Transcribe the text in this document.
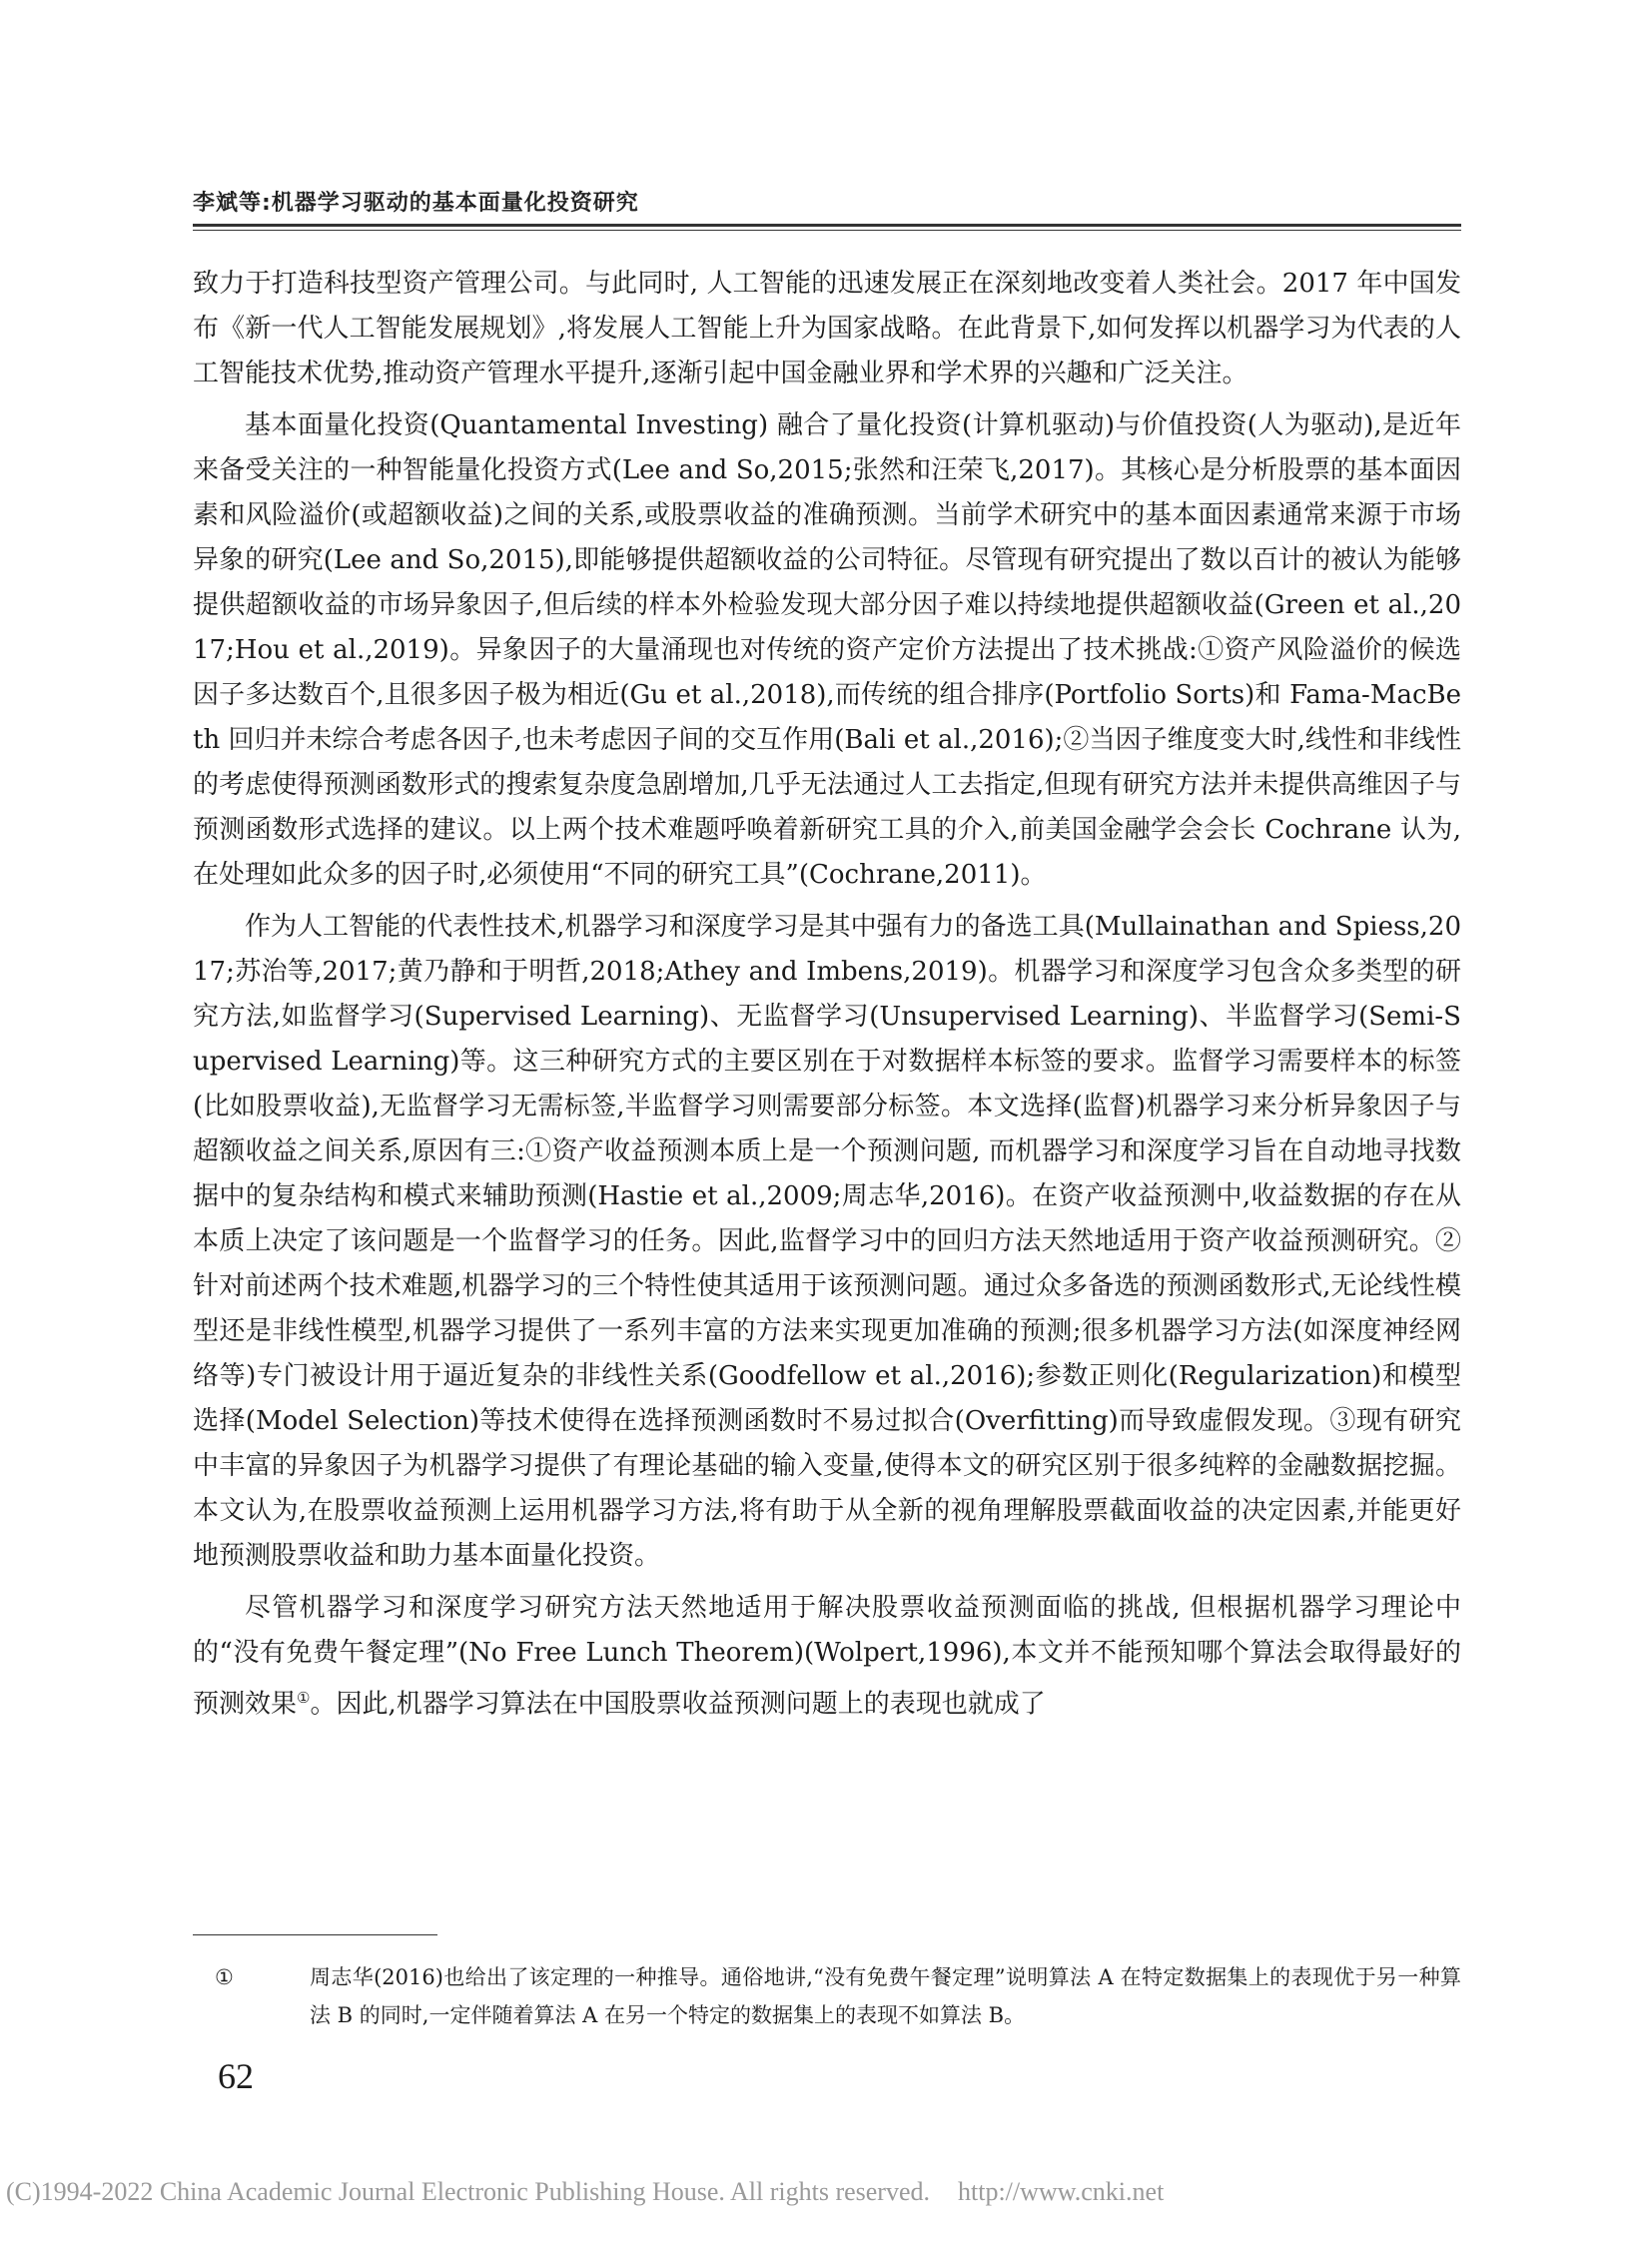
李斌等:机器学习驱动的基本面量化投资研究

致力于打造科技型资产管理公司。与此同时, 人工智能的迅速发展正在深刻地改变着人类社会。2017 年中国发布《新一代人工智能发展规划》,将发展人工智能上升为国家战略。在此背景下,如何发挥以机器学习为代表的人工智能技术优势,推动资产管理水平提升,逐渐引起中国金融业界和学术界的兴趣和广泛关注。

基本面量化投资(Quantamental Investing) 融合了量化投资(计算机驱动)与价值投资(人为驱动),是近年来备受关注的一种智能量化投资方式(Lee and So,2015;张然和汪荣飞,2017)。其核心是分析股票的基本面因素和风险溢价(或超额收益)之间的关系,或股票收益的准确预测。当前学术研究中的基本面因素通常来源于市场异象的研究(Lee and So,2015),即能够提供超额收益的公司特征。尽管现有研究提出了数以百计的被认为能够提供超额收益的市场异象因子,但后续的样本外检验发现大部分因子难以持续地提供超额收益(Green et al.,2017;Hou et al.,2019)。异象因子的大量涌现也对传统的资产定价方法提出了技术挑战:①资产风险溢价的候选因子多达数百个,且很多因子极为相近(Gu et al.,2018),而传统的组合排序(Portfolio Sorts)和 Fama-MacBeth 回归并未综合考虑各因子,也未考虑因子间的交互作用(Bali et al.,2016);②当因子维度变大时,线性和非线性的考虑使得预测函数形式的搜索复杂度急剧增加,几乎无法通过人工去指定,但现有研究方法并未提供高维因子与预测函数形式选择的建议。以上两个技术难题呼唤着新研究工具的介入,前美国金融学会会长 Cochrane 认为,在处理如此众多的因子时,必须使用“不同的研究工具”(Cochrane,2011)。

作为人工智能的代表性技术,机器学习和深度学习是其中强有力的备选工具(Mullainathan and Spiess,2017;苏治等,2017;黄乃静和于明哲,2018;Athey and Imbens,2019)。机器学习和深度学习包含众多类型的研究方法,如监督学习(Supervised Learning)、无监督学习(Unsupervised Learning)、半监督学习(Semi-Supervised Learning)等。这三种研究方式的主要区别在于对数据样本标签的要求。监督学习需要样本的标签(比如股票收益),无监督学习无需标签,半监督学习则需要部分标签。本文选择(监督)机器学习来分析异象因子与超额收益之间关系,原因有三:①资产收益预测本质上是一个预测问题, 而机器学习和深度学习旨在自动地寻找数据中的复杂结构和模式来辅助预测(Hastie et al.,2009;周志华,2016)。在资产收益预测中,收益数据的存在从本质上决定了该问题是一个监督学习的任务。因此,监督学习中的回归方法天然地适用于资产收益预测研究。②针对前述两个技术难题,机器学习的三个特性使其适用于该预测问题。通过众多备选的预测函数形式,无论线性模型还是非线性模型,机器学习提供了一系列丰富的方法来实现更加准确的预测;很多机器学习方法(如深度神经网络等)专门被设计用于逼近复杂的非线性关系(Goodfellow et al.,2016);参数正则化(Regularization)和模型选择(Model Selection)等技术使得在选择预测函数时不易过拟合(Overfitting)而导致虚假发现。③现有研究中丰富的异象因子为机器学习提供了有理论基础的输入变量,使得本文的研究区别于很多纯粹的金融数据挖掘。本文认为,在股票收益预测上运用机器学习方法,将有助于从全新的视角理解股票截面收益的决定因素,并能更好地预测股票收益和助力基本面量化投资。

尽管机器学习和深度学习研究方法天然地适用于解决股票收益预测面临的挑战, 但根据机器学习理论中的“没有免费午餐定理”(No Free Lunch Theorem)(Wolpert,1996),本文并不能预知哪个算法会取得最好的预测效果①。因此,机器学习算法在中国股票收益预测问题上的表现也就成了

①	周志华(2016)也给出了该定理的一种推导。通俗地讲,“没有免费午餐定理”说明算法 A 在特定数据集上的表现优于另一种算法 B 的同时,一定伴随着算法 A 在另一个特定的数据集上的表现不如算法 B。
62
(C)1994-2022 China Academic Journal Electronic Publishing House. All rights reserved. http://www.cnki.net
